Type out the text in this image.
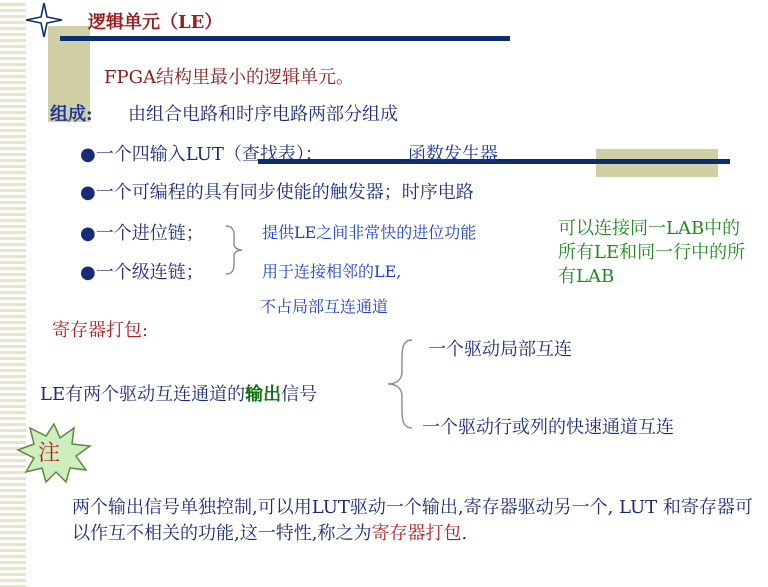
逻辑单元（LE）
FPGA结构里最小的逻辑单元。
组成: 由组合电路和时序电路两部分组成
●一个四输入LUT（查找表）；	函数发生器
●一个可编程的具有同步使能的触发器；时序电路
●一个进位链；
●一个级连链；
提供LE之间非常快的进位功能
用于连接相邻的LE,
不占局部互连通道
可以连接同一LAB中的所有LE和同一行中的所有LAB
寄存器打包:
LE有两个驱动互连通道的输出信号
一个驱动局部互连
一个驱动行或列的快速通道互连
注
两个输出信号单独控制,可以用LUT驱动一个输出,寄存器驱动另一个, LUT 和寄存器可以作互不相关的功能,这一特性,称之为寄存器打包.
